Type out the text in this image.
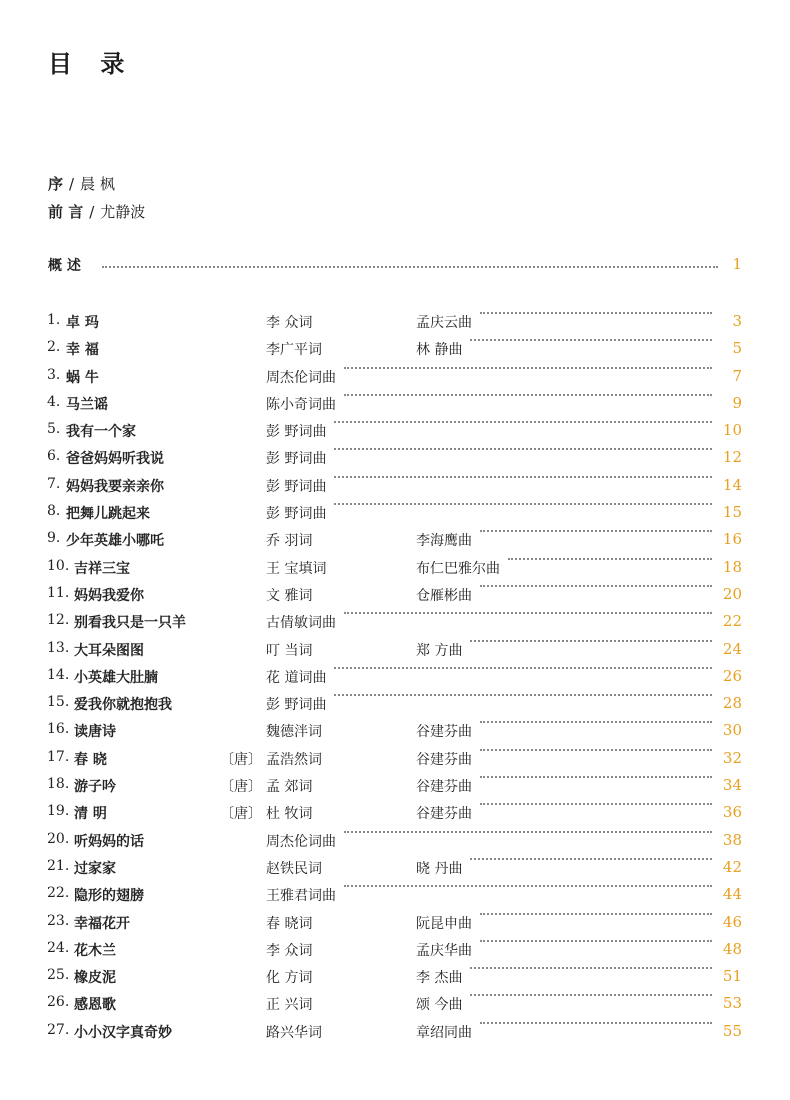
目 录
序 / 晨 枫
前 言 / 尤静波
概 述	1
1. 卓 玛	李 众词	孟庆云曲	3
2. 幸 福	李广平词	林 静曲	5
3. 蜗 牛	周杰伦词曲	7
4. 马兰谣	陈小奇词曲	9
5. 我有一个家	彭 野词曲	10
6. 爸爸妈妈听我说	彭 野词曲	12
7. 妈妈我要亲亲你	彭 野词曲	14
8. 把舞儿跳起来	彭 野词曲	15
9. 少年英雄小哪吒	乔 羽词	李海鹰曲	16
10. 吉祥三宝	王 宝填词	布仁巴雅尔曲	18
11. 妈妈我爱你	文 雅词	仓雁彬曲	20
12. 别看我只是一只羊	古倩敏词曲	22
13. 大耳朵图图	叮 当词	郑 方曲	24
14. 小英雄大肚腩	花 道词曲	26
15. 爱我你就抱抱我	彭 野词曲	28
16. 读唐诗	魏德泮词	谷建芬曲	30
17. 春 晓	〔唐〕 孟浩然词	谷建芬曲	32
18. 游子吟	〔唐〕 孟 郊词	谷建芬曲	34
19. 清 明	〔唐〕 杜 牧词	谷建芬曲	36
20. 听妈妈的话	周杰伦词曲	38
21. 过家家	赵铁民词	晓 丹曲	42
22. 隐形的翅膀	王雅君词曲	44
23. 幸福花开	春 晓词	阮昆申曲	46
24. 花木兰	李 众词	孟庆华曲	48
25. 橡皮泥	化 方词	李 杰曲	51
26. 感恩歌	正 兴词	颂 今曲	53
27. 小小汉字真奇妙	路兴华词	章绍同曲	55
